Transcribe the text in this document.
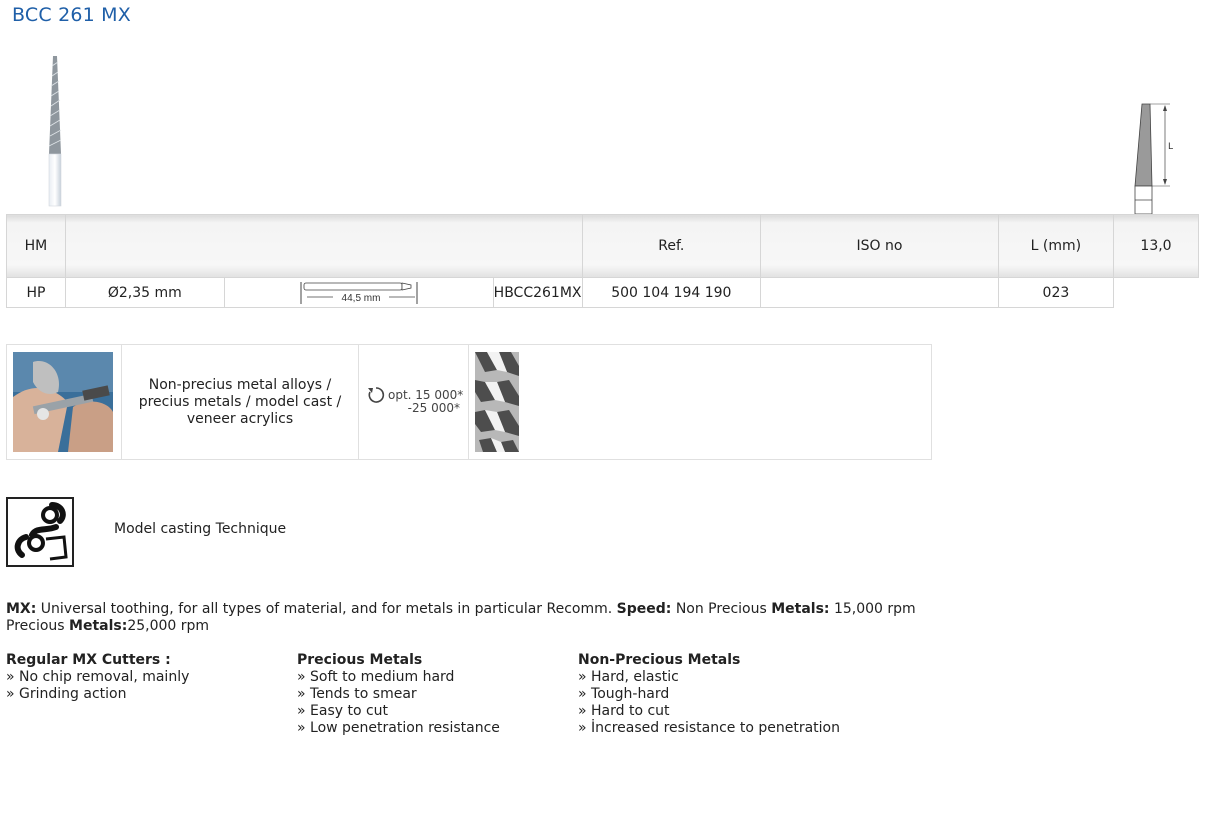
BCC 261 MX
L
HM				Ref.	ISO no	L (mm)	13,0
HP	Ø2,35 mm	44,5 mm	HBCC261MX	500 104 194 190		023	
Non-precius metal alloys / precius metals / model cast / veneer acrylics
opt. 15 000*
-25 000*
Model casting Technique
MX: Universal toothing, for all types of material, and for metals in particular Recomm. Speed: Non Precious Metals: 15,000 rpm Precious Metals:25,000 rpm
Regular MX Cutters :
» No chip removal, mainly
» Grinding action
Precious Metals
» Soft to medium hard
» Tends to smear
» Easy to cut
» Low penetration resistance
Non-Precious Metals
» Hard, elastic
» Tough-hard
» Hard to cut
» İncreased resistance to penetration
